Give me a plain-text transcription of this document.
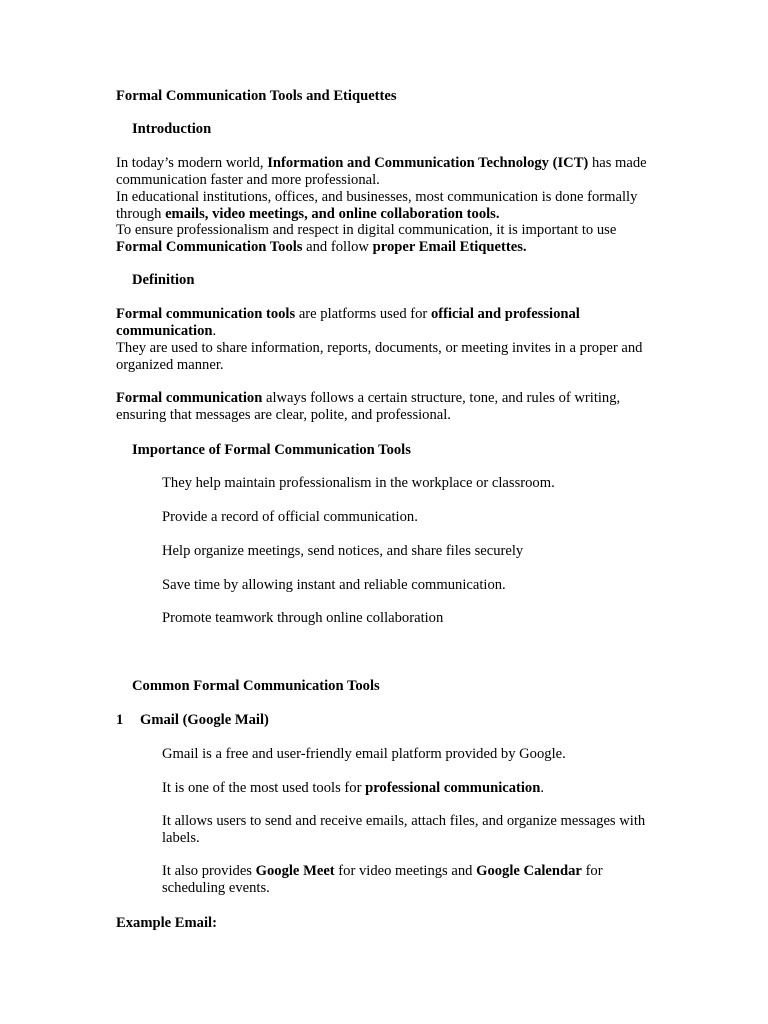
Formal Communication Tools and Etiquettes
Introduction
In today’s modern world, Information and Communication Technology (ICT) has made communication faster and more professional.
In educational institutions, offices, and businesses, most communication is done formally through emails, video meetings, and online collaboration tools.
To ensure professionalism and respect in digital communication, it is important to use Formal Communication Tools and follow proper Email Etiquettes.
Definition
Formal communication tools are platforms used for official and professional communication.
They are used to share information, reports, documents, or meeting invites in a proper and organized manner.
Formal communication always follows a certain structure, tone, and rules of writing, ensuring that messages are clear, polite, and professional.
Importance of Formal Communication Tools
They help maintain professionalism in the workplace or classroom.
Provide a record of official communication.
Help organize meetings, send notices, and share files securely
Save time by allowing instant and reliable communication.
Promote teamwork through online collaboration
Common Formal Communication Tools
1 Gmail (Google Mail)
Gmail is a free and user-friendly email platform provided by Google.
It is one of the most used tools for professional communication.
It allows users to send and receive emails, attach files, and organize messages with labels.
It also provides Google Meet for video meetings and Google Calendar for scheduling events.
Example Email:
